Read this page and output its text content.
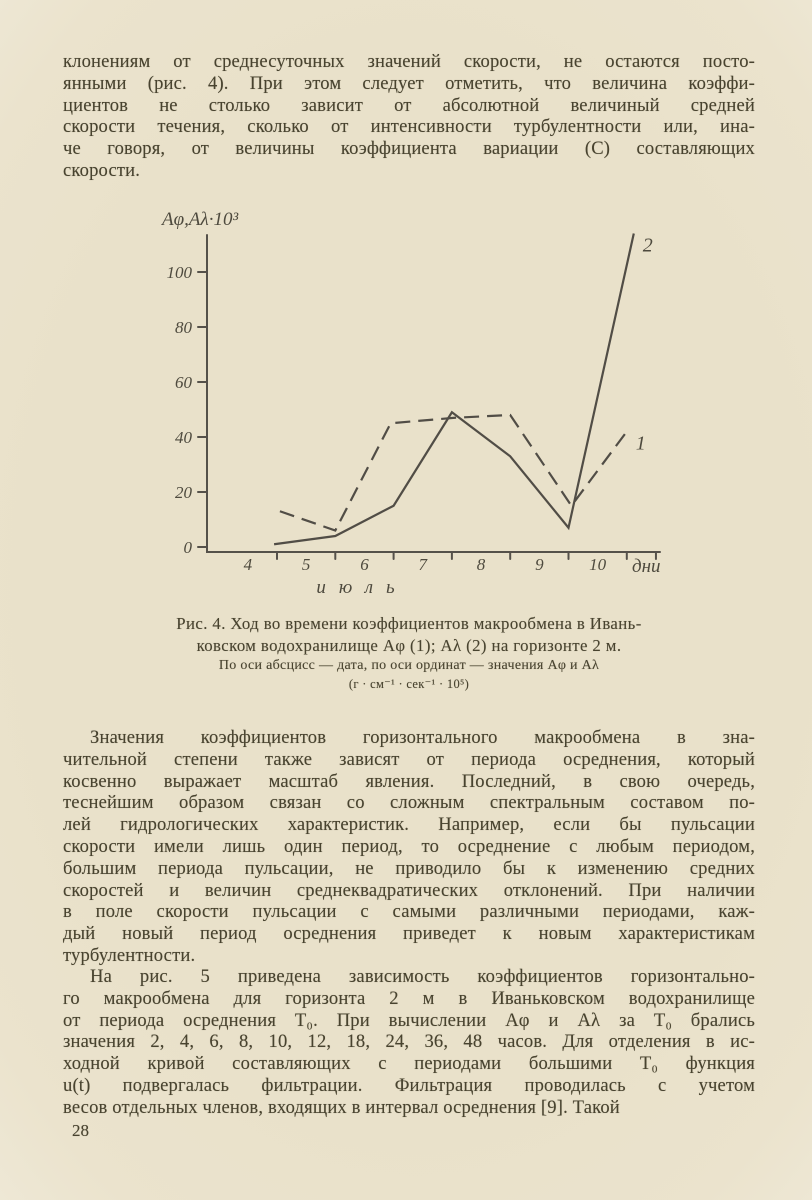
клонениям от среднесуточных значений скорости, не остаются посто-
янными (рис. 4). При этом следует отметить, что величина коэффи-
циентов не столько зависит от абсолютной величиный средней
скорости течения, сколько от интенсивности турбулентности или, ина-
че говоря, от величины коэффициента вариации (С) составляющих
скорости.
0
20
40
60
80
100
4	5	6	7	8	9	10 дни
июль
Аφ,Аλ·10³
1
2
Рис. 4. Ход во времени коэффициентов макрообмена в Ивань-
ковском водохранилище Аφ (1); Аλ (2) на горизонте 2 м.
По оси абсцисс — дата, по оси ординат — значения Аφ и Аλ
(г · см⁻¹ · сек⁻¹ · 10⁵)
Значения коэффициентов горизонтального макрообмена в зна-
чительной степени также зависят от периода осреднения, который
косвенно выражает масштаб явления. Последний, в свою очередь,
теснейшим образом связан со сложным спектральным составом по-
лей гидрологических характеристик. Например, если бы пульсации
скорости имели лишь один период, то осреднение с любым периодом,
большим периода пульсации, не приводило бы к изменению средних
скоростей и величин среднеквадратических отклонений. При наличии
в поле скорости пульсации с самыми различными периодами, каж-
дый новый период осреднения приведет к новым характеристикам
турбулентности.
На рис. 5 приведена зависимость коэффициентов горизонтально-
го макрообмена для горизонта 2 м в Иваньковском водохранилище
от периода осреднения Т₀. При вычислении Аφ и Аλ за Т₀ брались
значения 2, 4, 6, 8, 10, 12, 18, 24, 36, 48 часов. Для отделения в ис-
ходной кривой составляющих с периодами большими Т₀ функция
u(t) подвергалась фильтрации. Фильтрация проводилась с учетом
весов отдельных членов, входящих в интервал осреднения [9]. Такой
28
